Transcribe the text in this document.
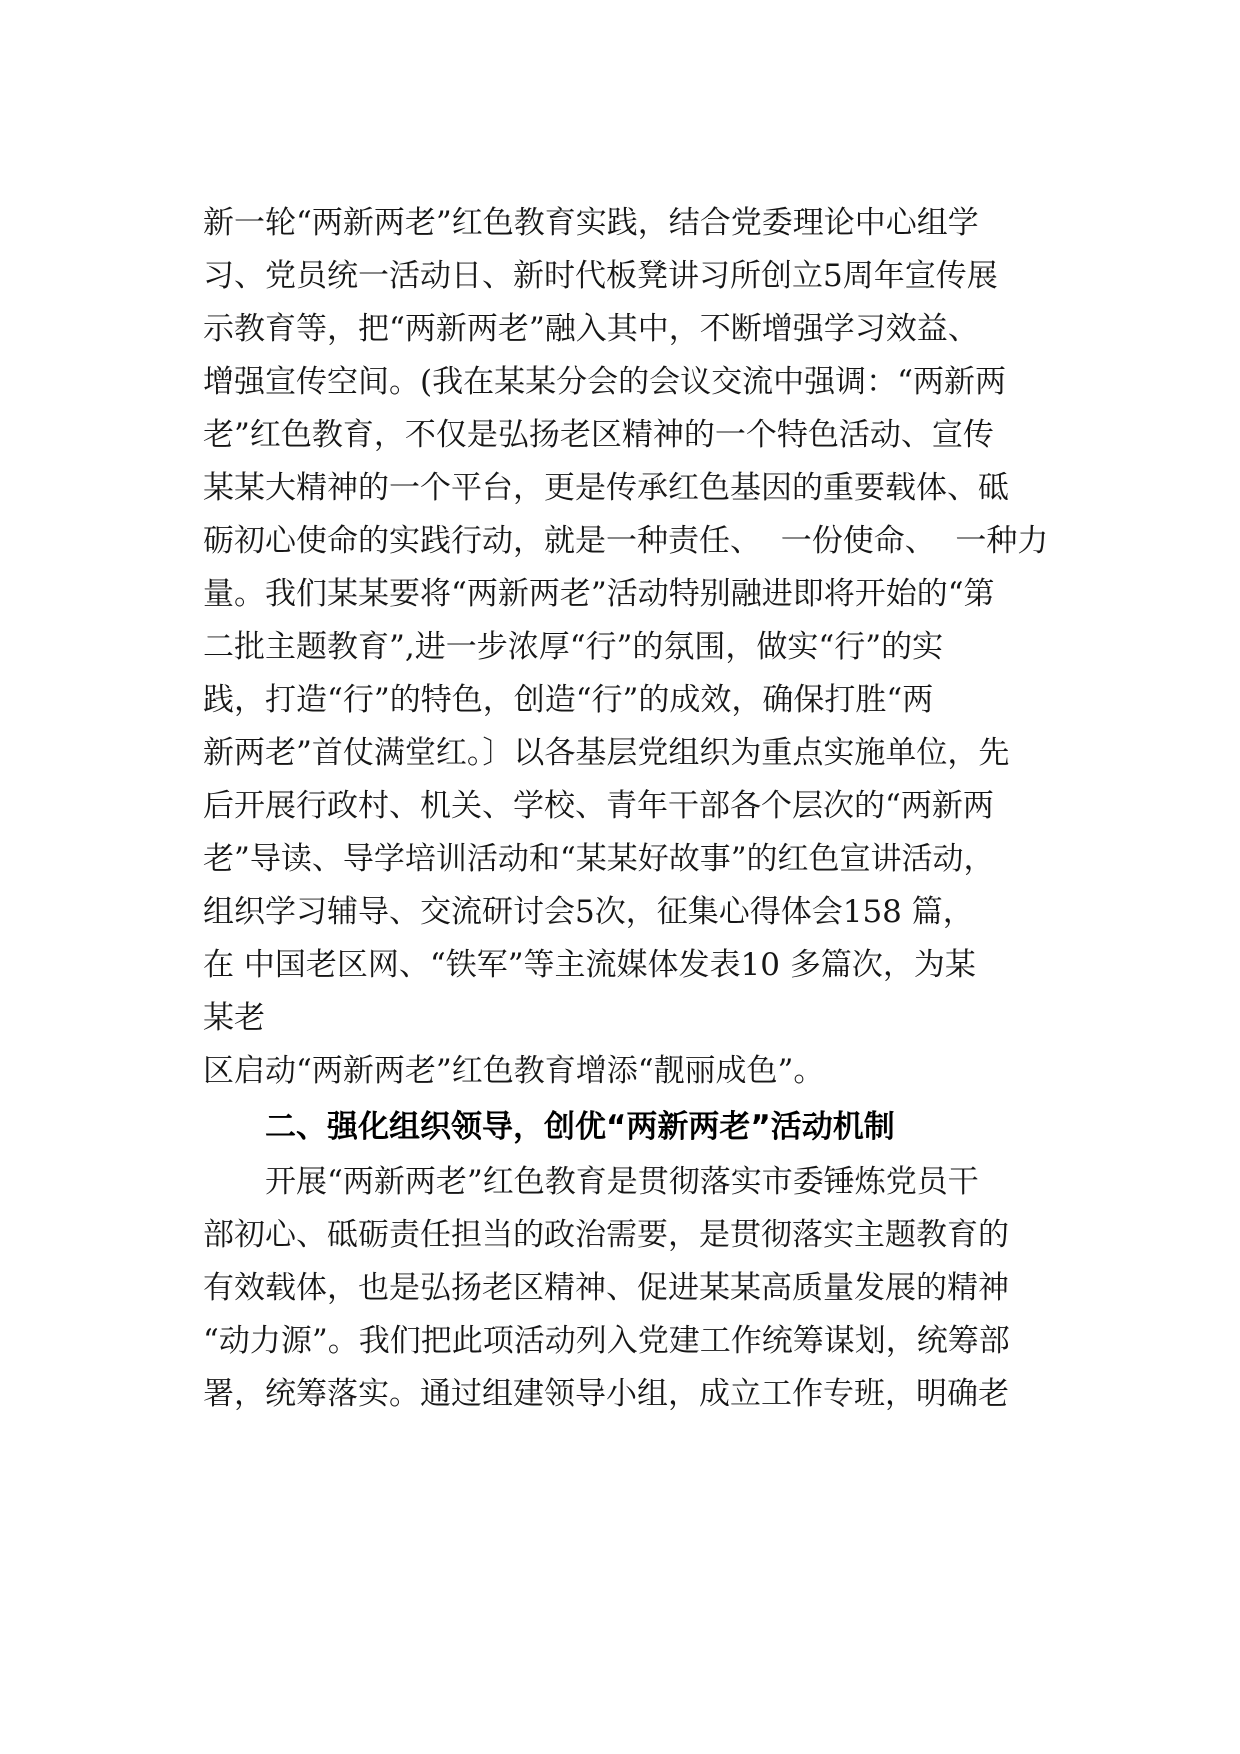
新一轮“两新两老”红色教育实践，结合党委理论中心组学
习、党员统一活动日、新时代板凳讲习所创立5周年宣传展
示教育等，把“两新两老”融入其中，不断增强学习效益、
增强宣传空间。(我在某某分会的会议交流中强调：“两新两
老”红色教育，不仅是弘扬老区精神的一个特色活动、宣传
某某大精神的一个平台，更是传承红色基因的重要载体、砥
砺初心使命的实践行动，就是一种责任、  一份使命、  一种力
量。我们某某要将“两新两老”活动特别融进即将开始的“第
二批主题教育”,进一步浓厚“行”的氛围，做实“行”的实
践，打造“行”的特色，创造“行”的成效，确保打胜“两
新两老”首仗满堂红。〕以各基层党组织为重点实施单位，先
后开展行政村、机关、学校、青年干部各个层次的“两新两
老”导读、导学培训活动和“某某好故事”的红色宣讲活动，
组织学习辅导、交流研讨会5次，征集心得体会158 篇，
在 中国老区网、“铁军”等主流媒体发表10 多篇次，为某
某老
区启动“两新两老”红色教育增添“靓丽成色”。
二、强化组织领导，创优“两新两老”活动机制
开展“两新两老”红色教育是贯彻落实市委锤炼党员干
部初心、砥砺责任担当的政治需要，是贯彻落实主题教育的
有效载体，也是弘扬老区精神、促进某某高质量发展的精神
“动力源”。我们把此项活动列入党建工作统筹谋划，统筹部
署，统筹落实。通过组建领导小组，成立工作专班，明确老
